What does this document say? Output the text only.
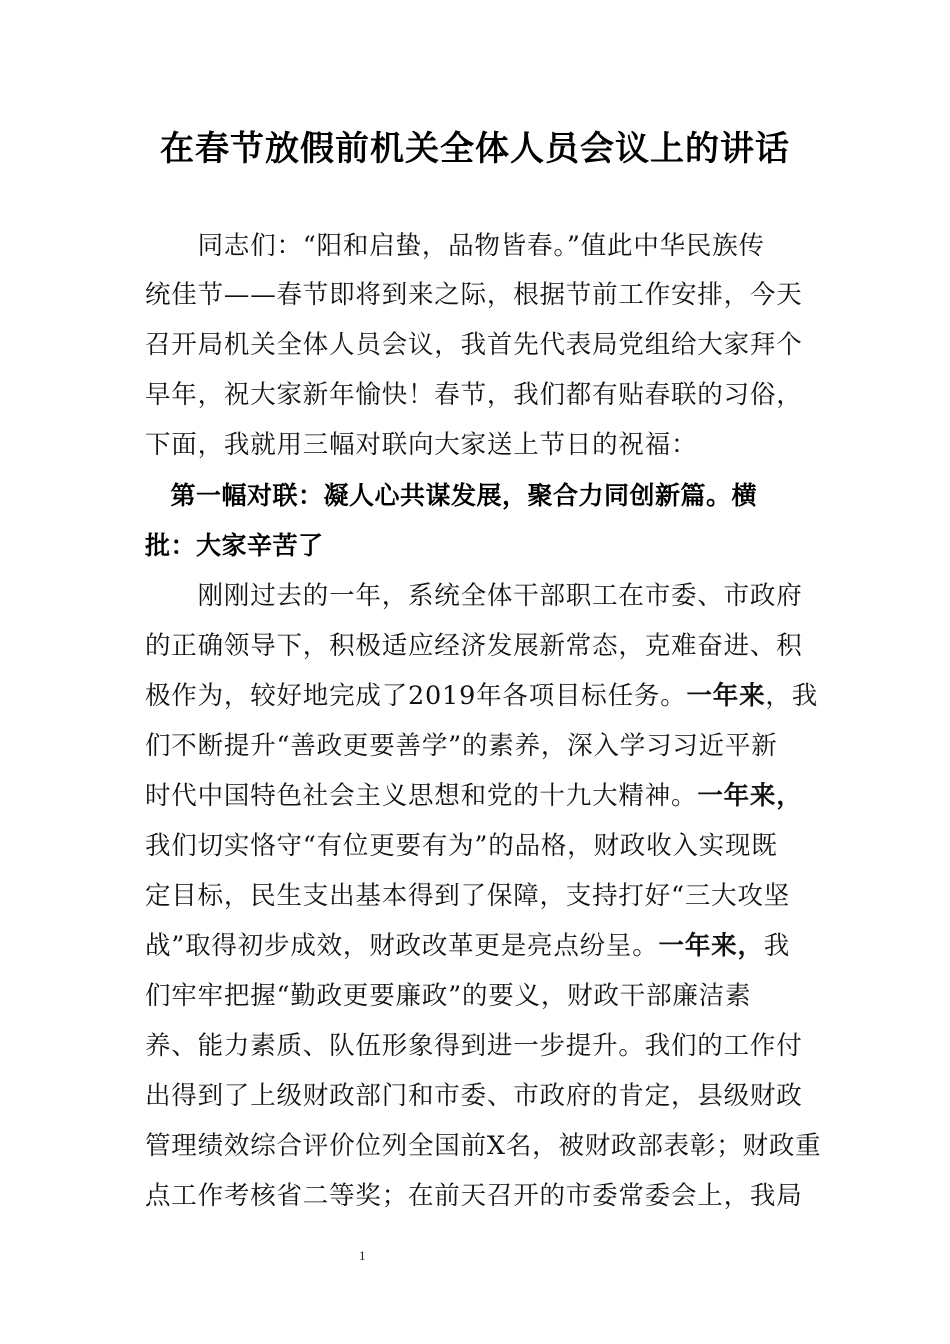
在春节放假前机关全体人员会议上的讲话
　　同志们：“阳和启蛰，品物皆春。”值此中华民族传
统佳节——春节即将到来之际，根据节前工作安排，今天
召开局机关全体人员会议，我首先代表局党组给大家拜个
早年，祝大家新年愉快！春节，我们都有贴春联的习俗，
下面，我就用三幅对联向大家送上节日的祝福：
　第一幅对联：凝人心共谋发展，聚合力同创新篇。横
批：大家辛苦了
　　刚刚过去的一年，系统全体干部职工在市委、市政府
的正确领导下，积极适应经济发展新常态，克难奋进、积
极作为，较好地完成了2019年各项目标任务。一年来，我
们不断提升“善政更要善学”的素养，深入学习习近平新
时代中国特色社会主义思想和党的十九大精神。一年来，
我们切实恪守“有位更要有为”的品格，财政收入实现既
定目标，民生支出基本得到了保障，支持打好“三大攻坚
战”取得初步成效，财政改革更是亮点纷呈。一年来，我
们牢牢把握“勤政更要廉政”的要义，财政干部廉洁素
养、能力素质、队伍形象得到进一步提升。我们的工作付
出得到了上级财政部门和市委、市政府的肯定，县级财政
管理绩效综合评价位列全国前X名，被财政部表彰；财政重
点工作考核省二等奖；在前天召开的市委常委会上，我局
1
